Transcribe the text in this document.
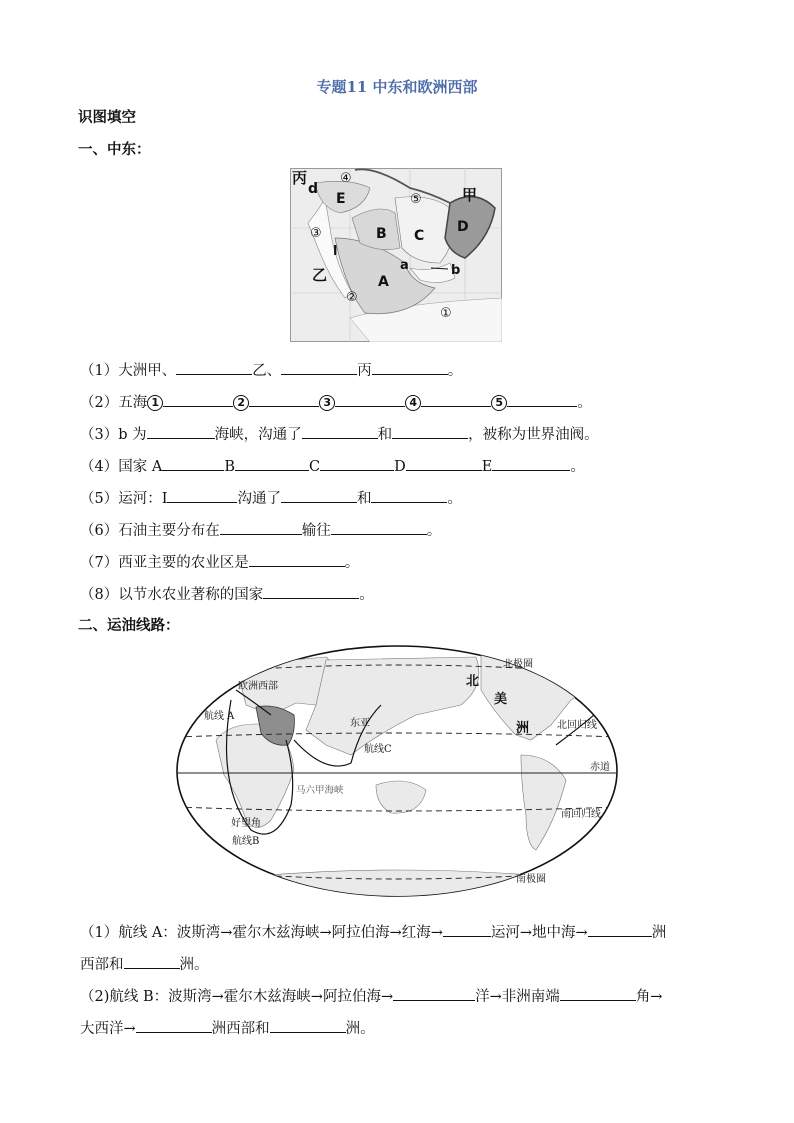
专题11 中东和欧洲西部
识图填空
一、中东：
丙
甲
乙
E
B C
D
A
d
a	b
l
④
⑤
③
②
①
（1）大洲甲、	乙、	丙	。
（2）五海 1	2	3	4	5	。
（3）b 为	海峡，沟通了	和	，被称为世界油阀。
（4）国家 A	B	C	D	E	。
（5）运河：I	沟通了	和	。
（6）石油主要分布在	输往	。
（7）西亚主要的农业区是	。
（8）以节水农业著称的国家	。
二、运油线路：
欧洲西部
航线 A
航线C
东亚
航线B
好望角
马六甲海峡
北极圈
北回归线
赤道
南回归线
南极圈
北
美
洲
（1）航线 A：波斯湾→霍尔木兹海峡→阿拉伯海→红海→	运河→地中海→	洲
西部和	洲。
（2)航线 B：波斯湾→霍尔木兹海峡→阿拉伯海→	洋→非洲南端	角→
大西洋→	洲西部和	洲。
